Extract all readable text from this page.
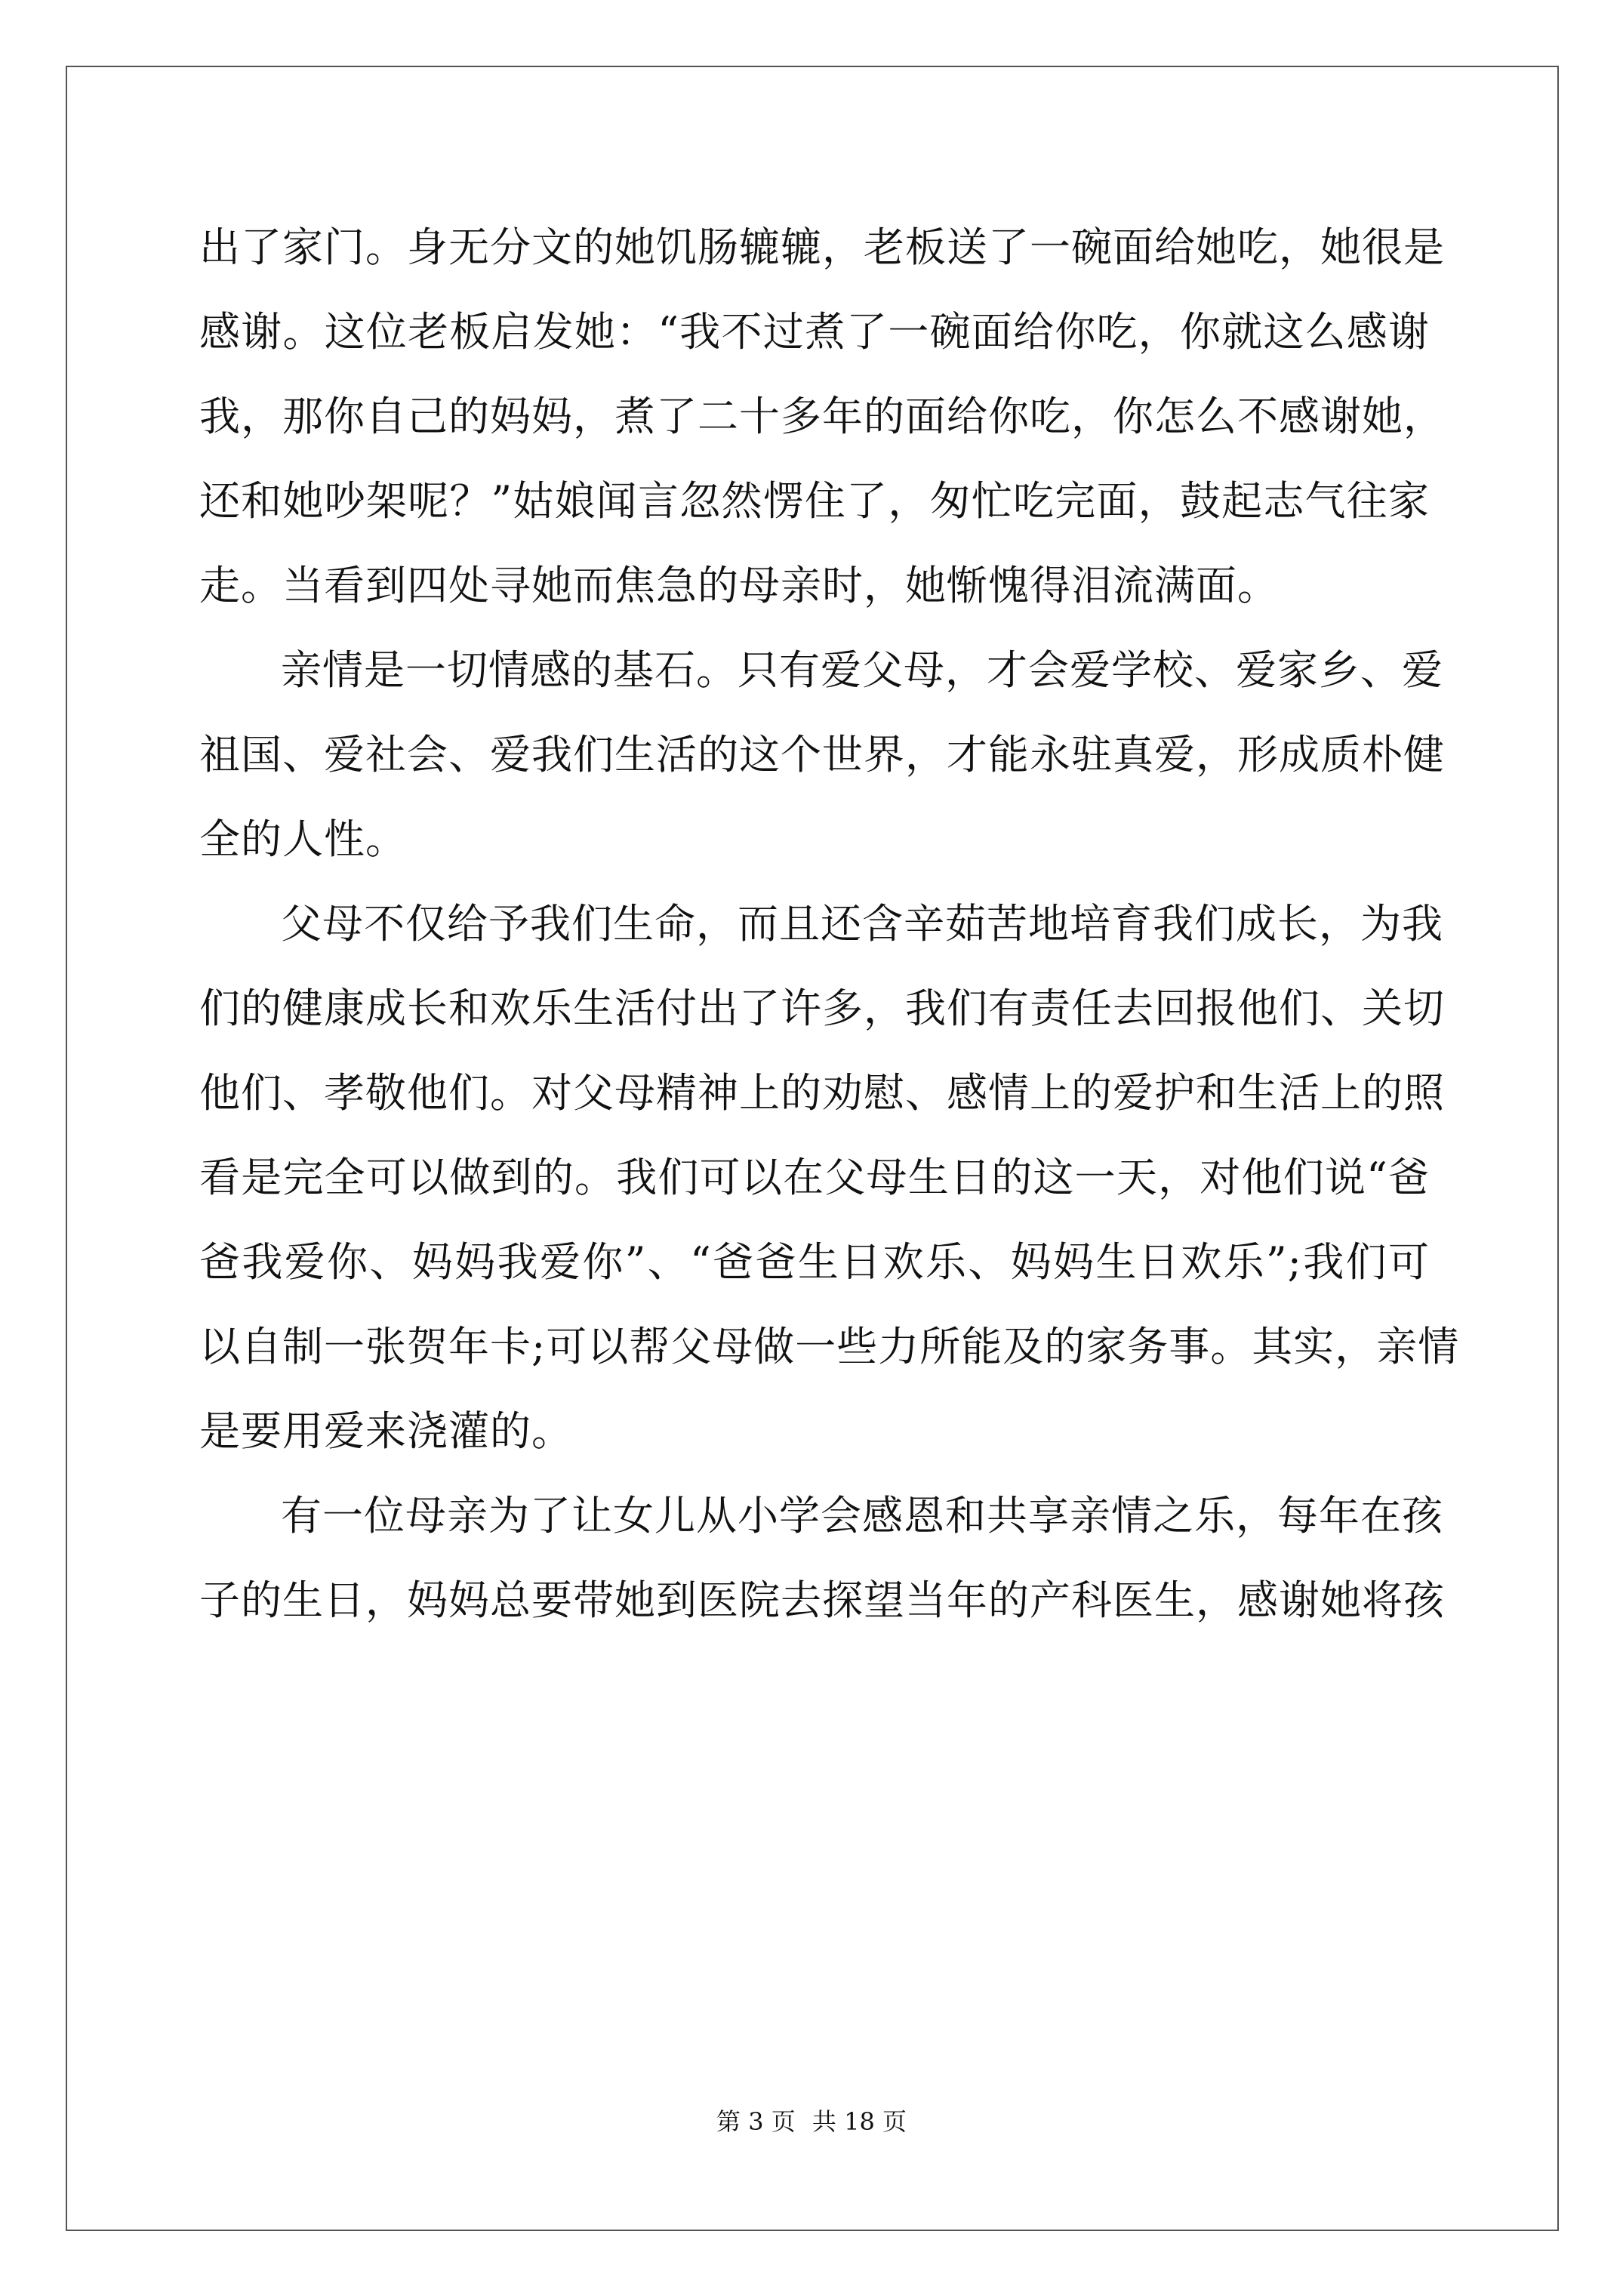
出了家门。身无分文的她饥肠辘辘，老板送了一碗面给她吃，她很是
感谢。这位老板启发她：“我不过煮了一碗面给你吃，你就这么感谢
我，那你自己的妈妈，煮了二十多年的面给你吃，你怎么不感谢她，
还和她吵架呢？”姑娘闻言忽然愣住了，匆忙吃完面，鼓起志气往家
走。当看到四处寻她而焦急的母亲时，她惭愧得泪流满面。
亲情是一切情感的基石。只有爱父母，才会爱学校、爱家乡、爱
祖国、爱社会、爱我们生活的这个世界，才能永驻真爱，形成质朴健
全的人性。
父母不仅给予我们生命，而且还含辛茹苦地培育我们成长，为我
们的健康成长和欢乐生活付出了许多，我们有责任去回报他们、关切
他们、孝敬他们。对父母精神上的劝慰、感情上的爱护和生活上的照
看是完全可以做到的。我们可以在父母生日的这一天，对他们说“爸
爸我爱你、妈妈我爱你”、“爸爸生日欢乐、妈妈生日欢乐”;我们可
以自制一张贺年卡;可以帮父母做一些力所能及的家务事。其实，亲情
是要用爱来浇灌的。
有一位母亲为了让女儿从小学会感恩和共享亲情之乐，每年在孩
子的生日，妈妈总要带她到医院去探望当年的产科医生，感谢她将孩
第 3 页 共 18 页
